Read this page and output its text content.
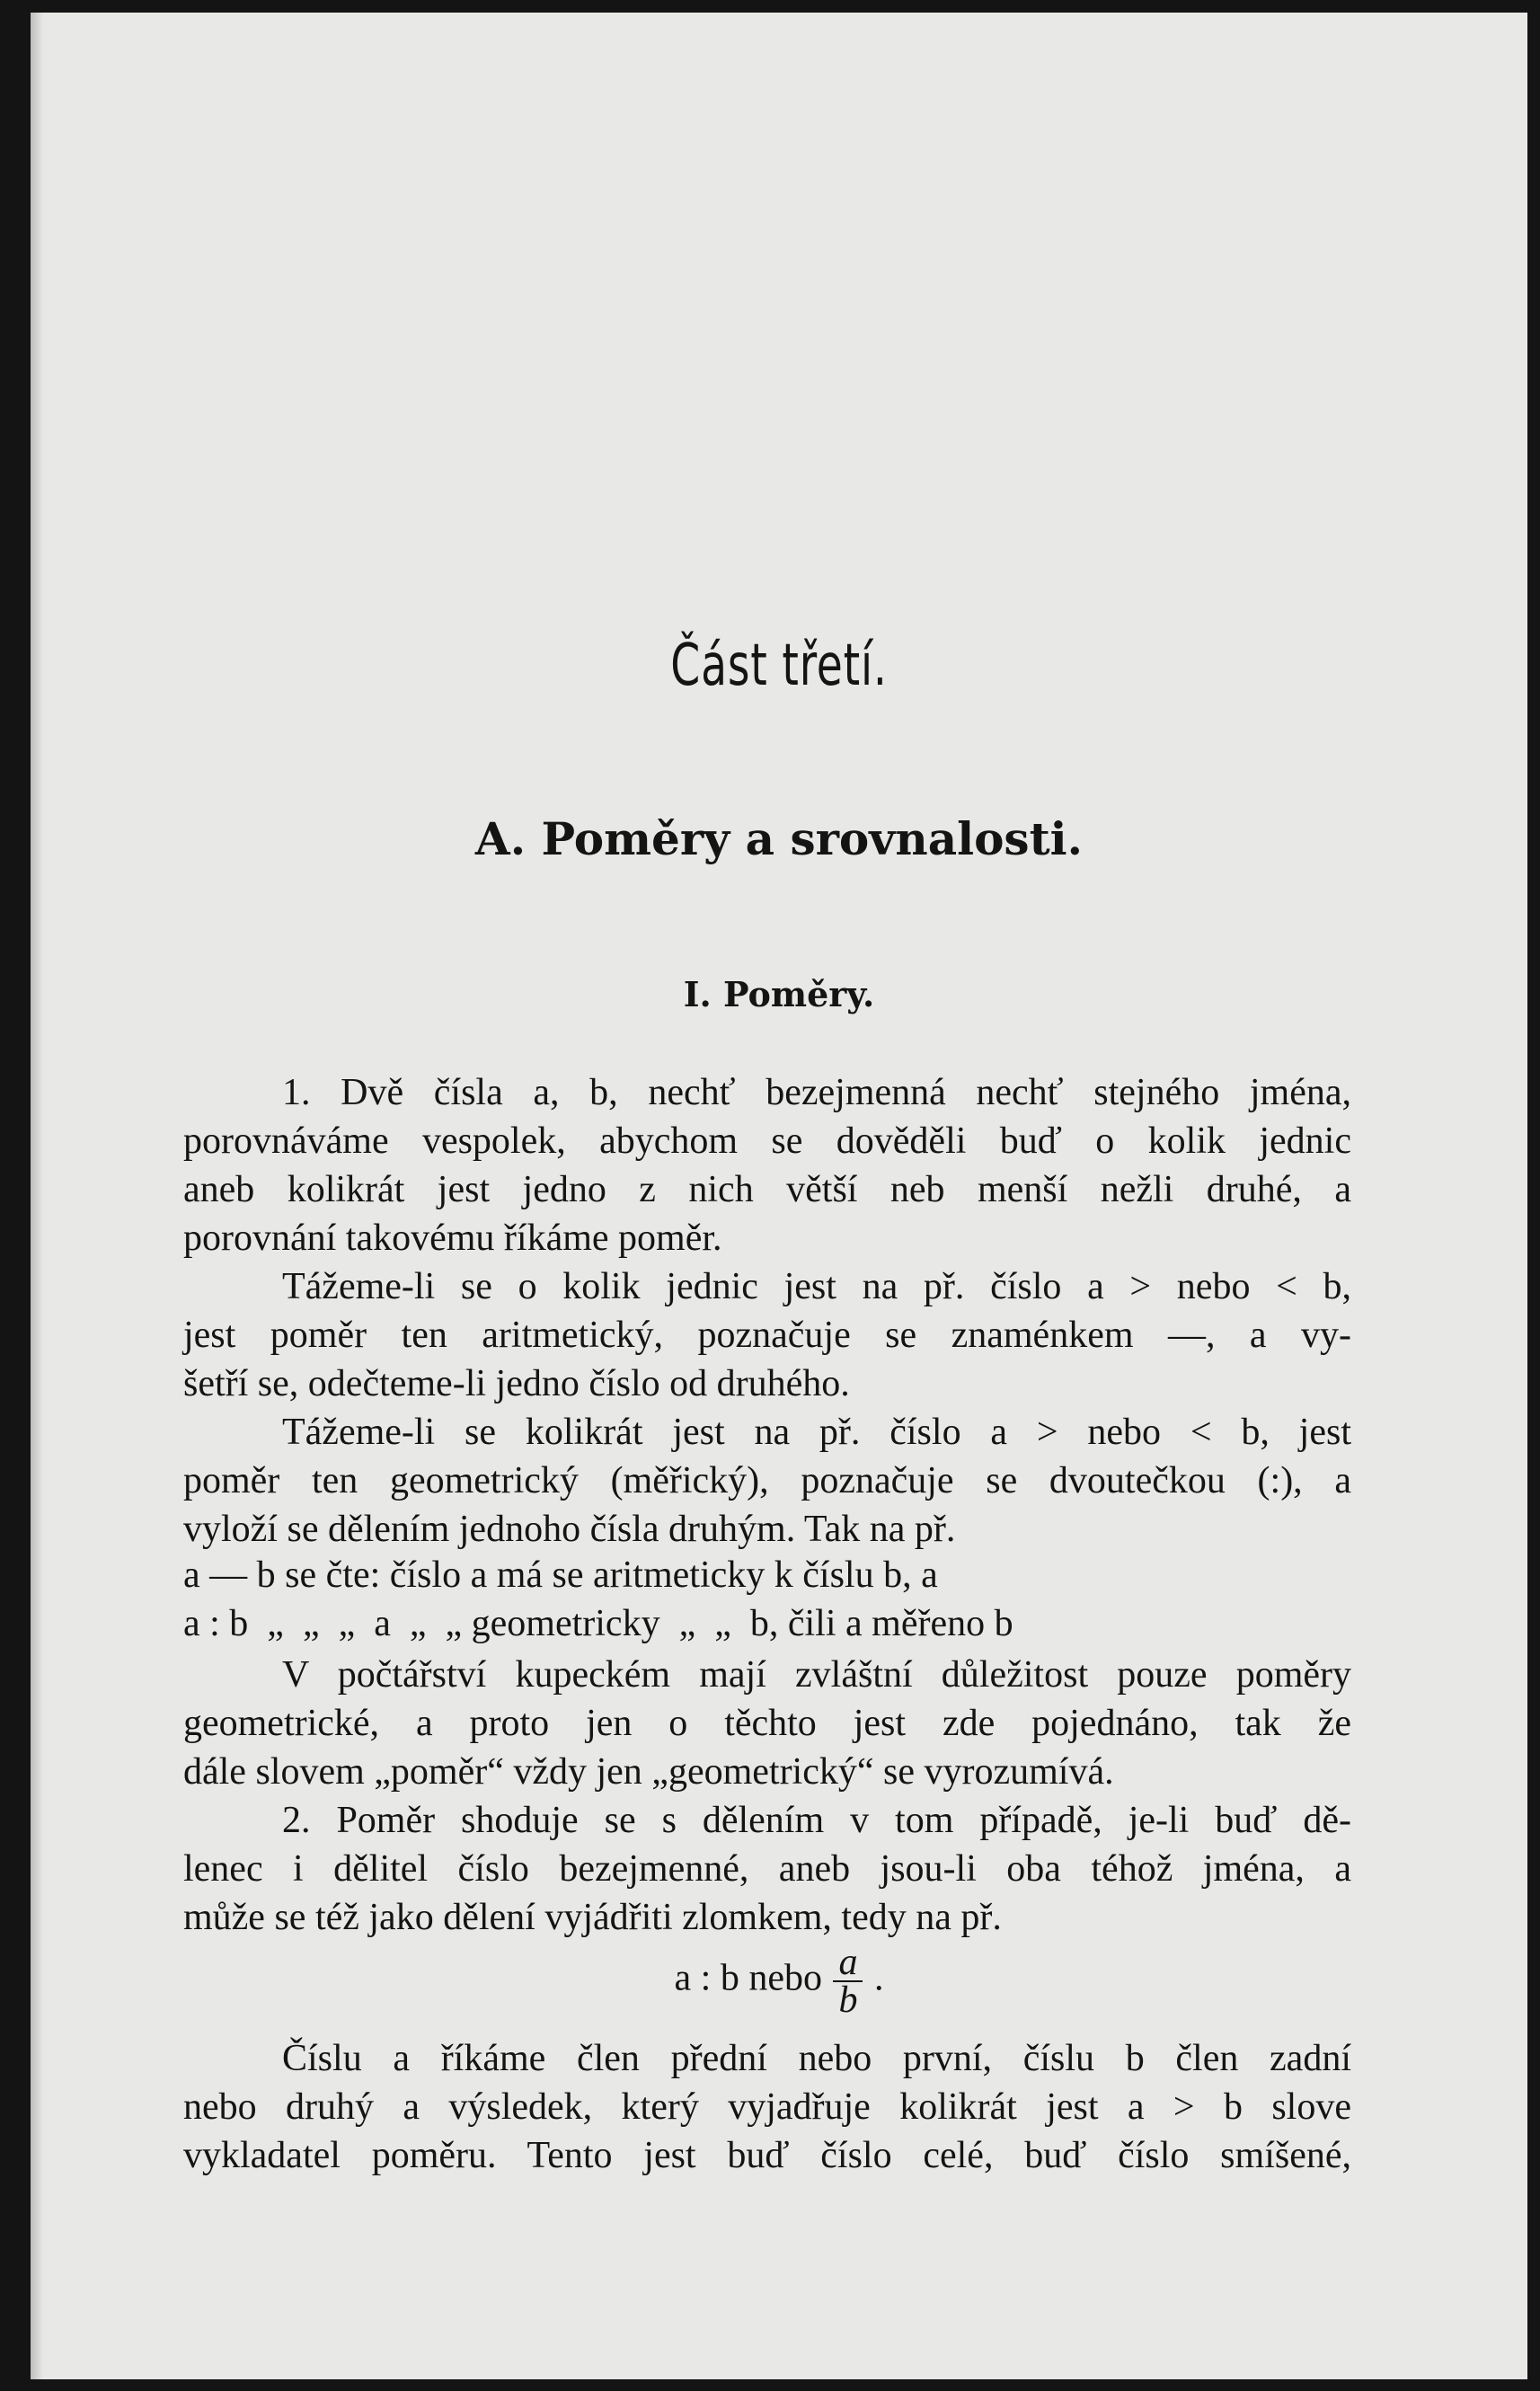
Část třetí.
A. Poměry a srovnalosti.
I. Poměry.
1. Dvě čísla a, b, nechť bezejmenná nechť stejného jména,
porovnáváme vespolek, abychom se dověděli buď o kolik jednic
aneb kolikrát jest jedno z nich větší neb menší nežli druhé, a
porovnání takovému říkáme poměr.
Tážeme-li se o kolik jednic jest na př. číslo a > nebo < b,
jest poměr ten aritmetický, poznačuje se znaménkem —, a vy-
šetří se, odečteme-li jedno číslo od druhého.
Tážeme-li se kolikrát jest na př. číslo a > nebo < b, jest
poměr ten geometrický (měřický), poznačuje se dvoutečkou (:), a
vyloží se dělením jednoho čísla druhým. Tak na př.
a — b se čte: číslo a má se aritmeticky k číslu b, a
a : b  „  „  „  a  „  „ geometricky  „  „  b, čili a měřeno b
V počtářství kupeckém mají zvláštní důležitost pouze poměry
geometrické, a proto jen o těchto jest zde pojednáno, tak že
dále slovem „poměr“ vždy jen „geometrický“ se vyrozumívá.
2. Poměr shoduje se s dělením v tom případě, je-li buď dě-
lenec i dělitel číslo bezejmenné, aneb jsou-li oba téhož jména, a
může se též jako dělení vyjádřiti zlomkem, tedy na př.
a : b nebo $\frac{a}{b}$ .
Číslu a říkáme člen přední nebo první, číslu b člen zadní
nebo druhý a výsledek, který vyjadřuje kolikrát jest a > b slove
vykladatel poměru. Tento jest buď číslo celé, buď číslo smíšené,
